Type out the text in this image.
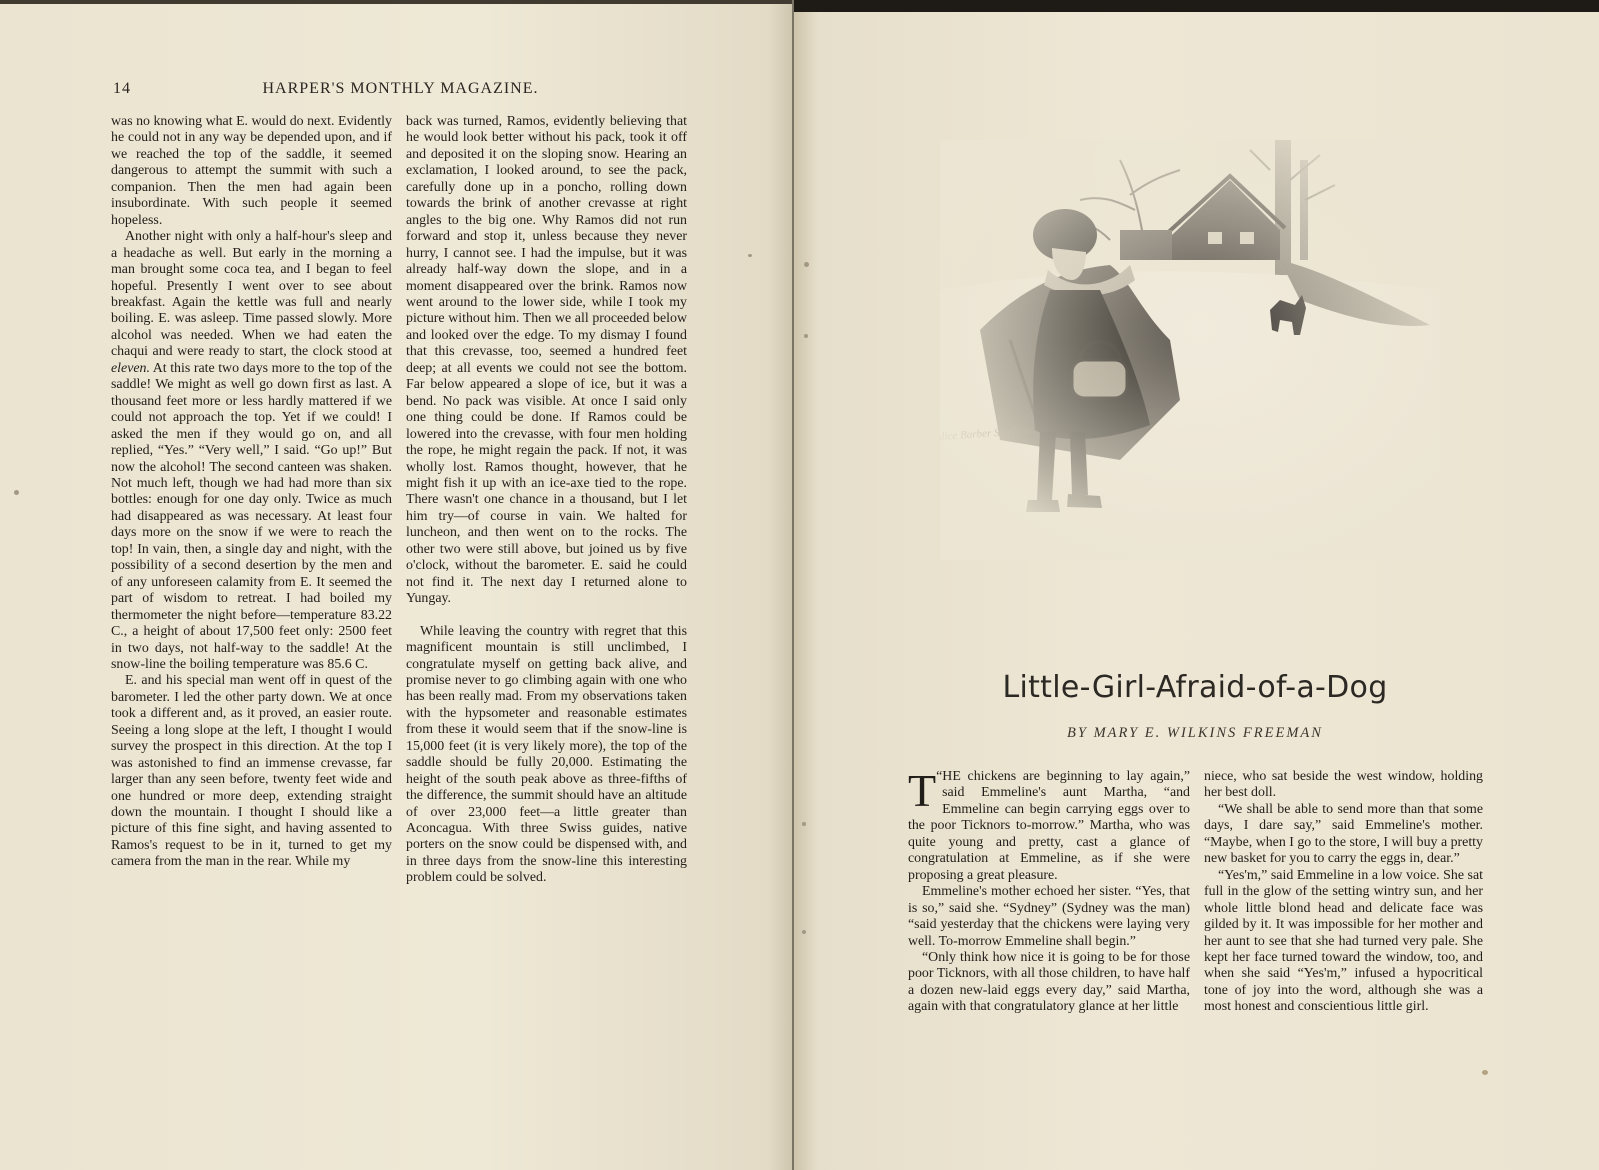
14	HARPER'S MONTHLY MAGAZINE.

was no knowing what E. would do next. Evidently he could not in any way be depended upon, and if we reached the top of the saddle, it seemed dangerous to attempt the summit with such a companion. Then the men had again been insubordinate. With such people it seemed hopeless.

Another night with only a half-hour's sleep and a headache as well. But early in the morning a man brought some coca tea, and I began to feel hopeful. Presently I went over to see about breakfast. Again the kettle was full and nearly boiling. E. was asleep. Time passed slowly. More alcohol was needed. When we had eaten the chaqui and were ready to start, the clock stood at eleven. At this rate two days more to the top of the saddle! We might as well go down first as last. A thousand feet more or less hardly mattered if we could not approach the top. Yet if we could! I asked the men if they would go on, and all replied, “Yes.” “Very well,” I said. “Go up!” But now the alcohol! The second canteen was shaken. Not much left, though we had had more than six bottles: enough for one day only. Twice as much had disappeared as was necessary. At least four days more on the snow if we were to reach the top! In vain, then, a single day and night, with the possibility of a second desertion by the men and of any unforeseen calamity from E. It seemed the part of wisdom to retreat. I had boiled my thermometer the night before—temperature 83.22 C., a height of about 17,500 feet only: 2500 feet in two days, not half-way to the saddle! At the snow-line the boiling temperature was 85.6 C.

E. and his special man went off in quest of the barometer. I led the other party down. We at once took a different and, as it proved, an easier route. Seeing a long slope at the left, I thought I would survey the prospect in this direction. At the top I was astonished to find an immense crevasse, far larger than any seen before, twenty feet wide and one hundred or more deep, extending straight down the mountain. I thought I should like a picture of this fine sight, and having assented to Ramos's request to be in it, turned to get my camera from the man in the rear. While my

back was turned, Ramos, evidently believing that he would look better without his pack, took it off and deposited it on the sloping snow. Hearing an exclamation, I looked around, to see the pack, carefully done up in a poncho, rolling down towards the brink of another crevasse at right angles to the big one. Why Ramos did not run forward and stop it, unless because they never hurry, I cannot see. I had the impulse, but it was already half-way down the slope, and in a moment disappeared over the brink. Ramos now went around to the lower side, while I took my picture without him. Then we all proceeded below and looked over the edge. To my dismay I found that this crevasse, too, seemed a hundred feet deep; at all events we could not see the bottom. Far below appeared a slope of ice, but it was a bend. No pack was visible. At once I said only one thing could be done. If Ramos could be lowered into the crevasse, with four men holding the rope, he might regain the pack. If not, it was wholly lost. Ramos thought, however, that he might fish it up with an ice-axe tied to the rope. There wasn't one chance in a thousand, but I let him try—of course in vain. We halted for luncheon, and then went on to the rocks. The other two were still above, but joined us by five o'clock, without the barometer. E. said he could not find it. The next day I returned alone to Yungay.

While leaving the country with regret that this magnificent mountain is still unclimbed, I congratulate myself on getting back alive, and promise never to go climbing again with one who has been really mad. From my observations taken with the hypsometer and reasonable estimates from these it would seem that if the snow-line is 15,000 feet (it is very likely more), the top of the saddle should be fully 20,000. Estimating the height of the south peak above as three-fifths of the difference, the summit should have an altitude of over 23,000 feet—a little greater than Aconcagua. With three Swiss guides, native porters on the snow could be dispensed with, and in three days from the snow-line this interesting problem could be solved.

Little-Girl-Afraid-of-a-Dog
BY MARY E. WILKINS FREEMAN

“
T HE chickens are beginning to lay again,” said Emmeline's aunt Martha, “and Emmeline can begin carrying eggs over to the poor Ticknors to-morrow.” Martha, who was quite young and pretty, cast a glance of congratulation at Emmeline, as if she were proposing a great pleasure.

Emmeline's mother echoed her sister. “Yes, that is so,” said she. “Sydney” (Sydney was the man) “said yesterday that the chickens were laying very well. To-morrow Emmeline shall begin.”

“Only think how nice it is going to be for those poor Ticknors, with all those children, to have half a dozen new-laid eggs every day,” said Martha, again with that congratulatory glance at her little

niece, who sat beside the west window, holding her best doll.

“We shall be able to send more than that some days, I dare say,” said Emmeline's mother. “Maybe, when I go to the store, I will buy a pretty new basket for you to carry the eggs in, dear.”

“Yes'm,” said Emmeline in a low voice. She sat full in the glow of the setting wintry sun, and her whole little blond head and delicate face was gilded by it. It was impossible for her mother and her aunt to see that she had turned very pale. She kept her face turned toward the window, too, and when she said “Yes'm,” infused a hypocritical tone of joy into the word, although she was a most honest and conscientious little girl.
